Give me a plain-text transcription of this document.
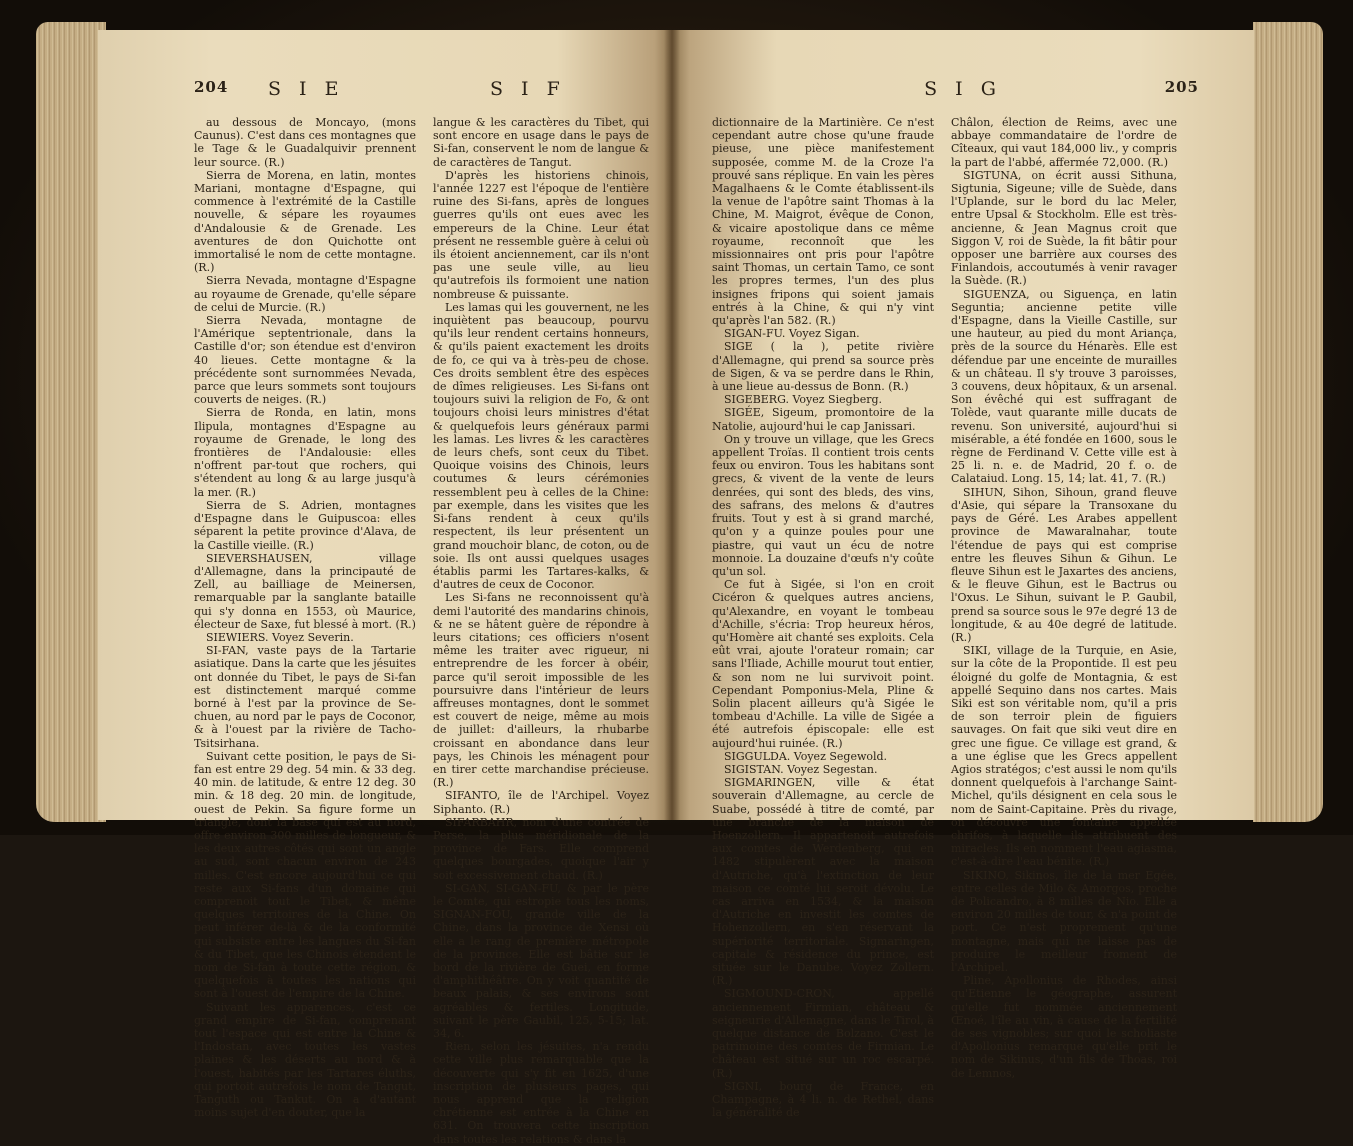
204 S I E	S I F

au dessous de Moncayo, (mons Caunus). C'est dans ces montagnes que le Tage & le Guadalquivir prennent leur source. (R.)

Sierra de Morena, en latin, montes Mariani, montagne d'Espagne, qui commence à l'extrémité de la Castille nouvelle, & sépare les royaumes d'Andalousie & de Grenade. Les aventures de don Quichotte ont immortalisé le nom de cette montagne. (R.)

Sierra Nevada, montagne d'Espagne au royaume de Grenade, qu'elle sépare de celui de Murcie. (R.)

Sierra Nevada, montagne de l'Amérique septentrionale, dans la Castille d'or; son étendue est d'environ 40 lieues. Cette montagne & la précédente sont surnommées Nevada, parce que leurs sommets sont toujours couverts de neiges. (R.)

Sierra de Ronda, en latin, mons Ilipula, montagnes d'Espagne au royaume de Grenade, le long des frontières de l'Andalousie: elles n'offrent par-tout que rochers, qui s'étendent au long & au large jusqu'à la mer. (R.)

Sierra de S. Adrien, montagnes d'Espagne dans le Guipuscoa: elles séparent la petite province d'Alava, de la Castille vieille. (R.)

SIEVERSHAUSEN, village d'Allemagne, dans la principauté de Zell, au bailliage de Meinersen, remarquable par la sanglante bataille qui s'y donna en 1553, où Maurice, électeur de Saxe, fut blessé à mort. (R.)

SIEWIERS. Voyez Severin.

SI-FAN, vaste pays de la Tartarie asiatique. Dans la carte que les jésuites ont donnée du Tibet, le pays de Si-fan est distinctement marqué comme borné à l'est par la province de Se-chuen, au nord par le pays de Coconor, & à l'ouest par la rivière de Tacho-Tsitsirhana.

Suivant cette position, le pays de Si-fan est entre 29 deg. 54 min. & 33 deg. 40 min. de latitude, & entre 12 deg. 30 min. & 18 deg. 20 min. de longitude, ouest de Pekin. Sa figure forme un triangle, dont la base qui est au nord, offre environ 300 milles de longueur, & les deux autres côtés qui sont un angle au sud, sont chacun environ de 243 milles. C'est encore aujourd'hui ce qui reste aux Si-fans d'un domaine qui comprenoit tout le Tibet, & même quelques territoires de la Chine. On peut inférer de-là & de la conformité qui subsiste entre les langues du Si-fan & du Tibet, que les Chinois étendent le nom de Si-fan à toute cette région, & quelquefois à toutes les nations qui sont à l'ouest de l'empire de la Chine.

Suivant les apparences, c'est ce grand empire de Si-fan, comprenant tout l'espace qui est entre la Chine & l'Indostan, avec toutes les vastes plaines & les déserts au nord & à l'ouest, habités par les Tartares éluths, qui portoit autrefois le nom de Tangut, Tanguth ou Tankut. On a d'autant moins sujet d'en douter, que la

langue & les caractères du Tibet, qui sont encore en usage dans le pays de Si-fan, conservent le nom de langue & de caractères de Tangut.

D'après les historiens chinois, l'année 1227 est l'époque de l'entière ruine des Si-fans, après de longues guerres qu'ils ont eues avec les empereurs de la Chine. Leur état présent ne ressemble guère à celui où ils étoient anciennement, car ils n'ont pas une seule ville, au lieu qu'autrefois ils formoient une nation nombreuse & puissante.

Les lamas qui les gouvernent, ne les inquiètent pas beaucoup, pourvu qu'ils leur rendent certains honneurs, & qu'ils paient exactement les droits de fo, ce qui va à très-peu de chose. Ces droits semblent être des espèces de dîmes religieuses. Les Si-fans ont toujours suivi la religion de Fo, & ont toujours choisi leurs ministres d'état & quelquefois leurs généraux parmi les lamas. Les livres & les caractères de leurs chefs, sont ceux du Tibet. Quoique voisins des Chinois, leurs coutumes & leurs cérémonies ressemblent peu à celles de la Chine: par exemple, dans les visites que les Si-fans rendent à ceux qu'ils respectent, ils leur présentent un grand mouchoir blanc, de coton, ou de soie. Ils ont aussi quelques usages établis parmi les Tartares-kalks, & d'autres de ceux de Coconor.

Les Si-fans ne reconnoissent qu'à demi l'autorité des mandarins chinois, & ne se hâtent guère de répondre à leurs citations; ces officiers n'osent même les traiter avec rigueur, ni entreprendre de les forcer à obéir, parce qu'il seroit impossible de les poursuivre dans l'intérieur de leurs affreuses montagnes, dont le sommet est couvert de neige, même au mois de juillet: d'ailleurs, la rhubarbe croissant en abondance dans leur pays, les Chinois les ménagent pour en tirer cette marchandise précieuse. (R.)

SIFANTO, île de l'Archipel. Voyez Siphanto. (R.)

SIFARBAHR, nom d'une contrée de Perse, la plus méridionale de la province de Fars. Elle comprend quelques bourgades, quoique l'air y soit excessivement chaud. (R.)

SI-GAN, SI-GAN-FU, & par le père le Comte, qui estropie tous les noms, SIGNAN-FOU, grande ville de la Chine, dans la province de Xensi où elle a le rang de première métropole de la province. Elle est bâtie sur le bord de la rivière de Guei, en forme d'amphithéâtre. On y voit quantité de beaux palais, & ses environs sont agréables & fertiles. Longitude, suivant le père Gaubil, 125, 5-15; lat. 34, 6.

Rien, selon les jésuites, n'a rendu cette ville plus remarquable que la découverte qui s'y fit en 1625, d'une inscription de plusieurs pages, qui nous apprend que la religion chrétienne est entrée à la Chine en 631. On trouvera cette inscription dans toutes les relations & dans la

S I G	205

dictionnaire de la Martinière. Ce n'est cependant autre chose qu'une fraude pieuse, une pièce manifestement supposée, comme M. de la Croze l'a prouvé sans réplique. En vain les pères Magalhaens & le Comte établissent-ils la venue de l'apôtre saint Thomas à la Chine, M. Maigrot, évêque de Conon, & vicaire apostolique dans ce même royaume, reconnoît que les missionnaires ont pris pour l'apôtre saint Thomas, un certain Tamo, ce sont les propres termes, l'un des plus insignes fripons qui soient jamais entrés à la Chine, & qui n'y vint qu'après l'an 582. (R.)

SIGAN-FU. Voyez Sigan.

SIGE ( la ), petite rivière d'Allemagne, qui prend sa source près de Sigen, & va se perdre dans le Rhin, à une lieue au-dessus de Bonn. (R.)

SIGEBERG. Voyez Siegberg.

SIGÉE, Sigeum, promontoire de la Natolie, aujourd'hui le cap Janissari.

On y trouve un village, que les Grecs appellent Troïas. Il contient trois cents feux ou environ. Tous les habitans sont grecs, & vivent de la vente de leurs denrées, qui sont des bleds, des vins, des safrans, des melons & d'autres fruits. Tout y est à si grand marché, qu'on y a quinze poules pour une piastre, qui vaut un écu de notre monnoie. La douzaine d'œufs n'y coûte qu'un sol.

Ce fut à Sigée, si l'on en croit Cicéron & quelques autres anciens, qu'Alexandre, en voyant le tombeau d'Achille, s'écria: Trop heureux héros, qu'Homère ait chanté ses exploits. Cela eût vrai, ajoute l'orateur romain; car sans l'Iliade, Achille mourut tout entier, & son nom ne lui survivoit point. Cependant Pomponius-Mela, Pline & Solin placent ailleurs qu'à Sigée le tombeau d'Achille. La ville de Sigée a été autrefois épiscopale: elle est aujourd'hui ruinée. (R.)

SIGGULDA. Voyez Segewold.

SIGISTAN. Voyez Segestan.

SIGMARINGEN, ville & état souverain d'Allemagne, au cercle de Suabe, possédé à titre de comté, par une branche de la maison de Hoenzollern. Il appartenoit autrefois aux comtes de Werdenberg, qui en 1482 stipulèrent avec la maison d'Autriche, qu'à l'extinction de leur maison ce comté lui seroit dévolu. Le cas arriva en 1534, & la maison d'Autriche en investit les comtes de Hohenzollern, en s'en réservant la supériorité territoriale. Sigmaringen, capitale & résidence du prince, est située sur le Danube. Voyez Zollern. (R.)

SIGMOUND-CRON, appellé anciennement Firmian, château & seigneurie d'Allemagne, dans le Tirol, à quelque distance de Bolzano. C'est le patrimoine des comtes de Firmian. Le château est situé sur un roc escarpé. (R.)

SIGNI, bourg de France, en Champagne, à 4 li. n. de Rethel, dans la généralité de

Châlon, élection de Reims, avec une abbaye commandataire de l'ordre de Cîteaux, qui vaut 184,000 liv., y compris la part de l'abbé, affermée 72,000. (R.)

SIGTUNA, on écrit aussi Sithuna, Sigtunia, Sigeune; ville de Suède, dans l'Uplande, sur le bord du lac Meler, entre Upsal & Stockholm. Elle est très-ancienne, & Jean Magnus croit que Siggon V, roi de Suède, la fit bâtir pour opposer une barrière aux courses des Finlandois, accoutumés à venir ravager la Suède. (R.)

SIGUENZA, ou Siguença, en latin Seguntia; ancienne petite ville d'Espagne, dans la Vieille Castille, sur une hauteur, au pied du mont Ariança, près de la source du Hénarès. Elle est défendue par une enceinte de murailles & un château. Il s'y trouve 3 paroisses, 3 couvens, deux hôpitaux, & un arsenal. Son évêché qui est suffragant de Tolède, vaut quarante mille ducats de revenu. Son université, aujourd'hui si misérable, a été fondée en 1600, sous le règne de Ferdinand V. Cette ville est à 25 li. n. e. de Madrid, 20 f. o. de Calataiud. Long. 15, 14; lat. 41, 7. (R.)

SIHUN, Sihon, Sihoun, grand fleuve d'Asie, qui sépare la Transoxane du pays de Géré. Les Arabes appellent province de Mawaralnahar, toute l'étendue de pays qui est comprise entre les fleuves Sihun & Gihun. Le fleuve Sihun est le Jaxartes des anciens, & le fleuve Gihun, est le Bactrus ou l'Oxus. Le Sihun, suivant le P. Gaubil, prend sa source sous le 97e degré 13 de longitude, & au 40e degré de latitude. (R.)

SIKI, village de la Turquie, en Asie, sur la côte de la Propontide. Il est peu éloigné du golfe de Montagnia, & est appellé Sequino dans nos cartes. Mais Siki est son véritable nom, qu'il a pris de son terroir plein de figuiers sauvages. On fait que siki veut dire en grec une figue. Ce village est grand, & a une église que les Grecs appellent Agios stratégos; c'est aussi le nom qu'ils donnent quelquefois à l'archange Saint-Michel, qu'ils désignent en cela sous le nom de Saint-Capitaine. Près du rivage, on découvre une fontaine appellée chrifos, à laquelle ils attribuent des miracles. Ils en nomment l'eau agiasma, c'est-à-dire l'eau bénite. (R.)

SIKINO, Sikinos, île de la mer Egée, entre celles de Milo & Amorgos, proche de Policandro, à 8 milles de Nio. Elle a environ 20 milles de tour, & n'a point de port. Ce n'est proprement qu'une montagne, mais qui ne laisse pas de produire le meilleur froment de l'Archipel.

Pline, Apollonius de Rhodes, ainsi qu'Etienne le géographe, assurent qu'elle fut nommée anciennement Œnoé, l'île au vin, à cause de la fertilité de ses vignobles; sur quoi le scholiaste d'Apollonius remarque qu'elle prit le nom de Sikinus, d'un fils de Thoas, roi de Lemnos,
